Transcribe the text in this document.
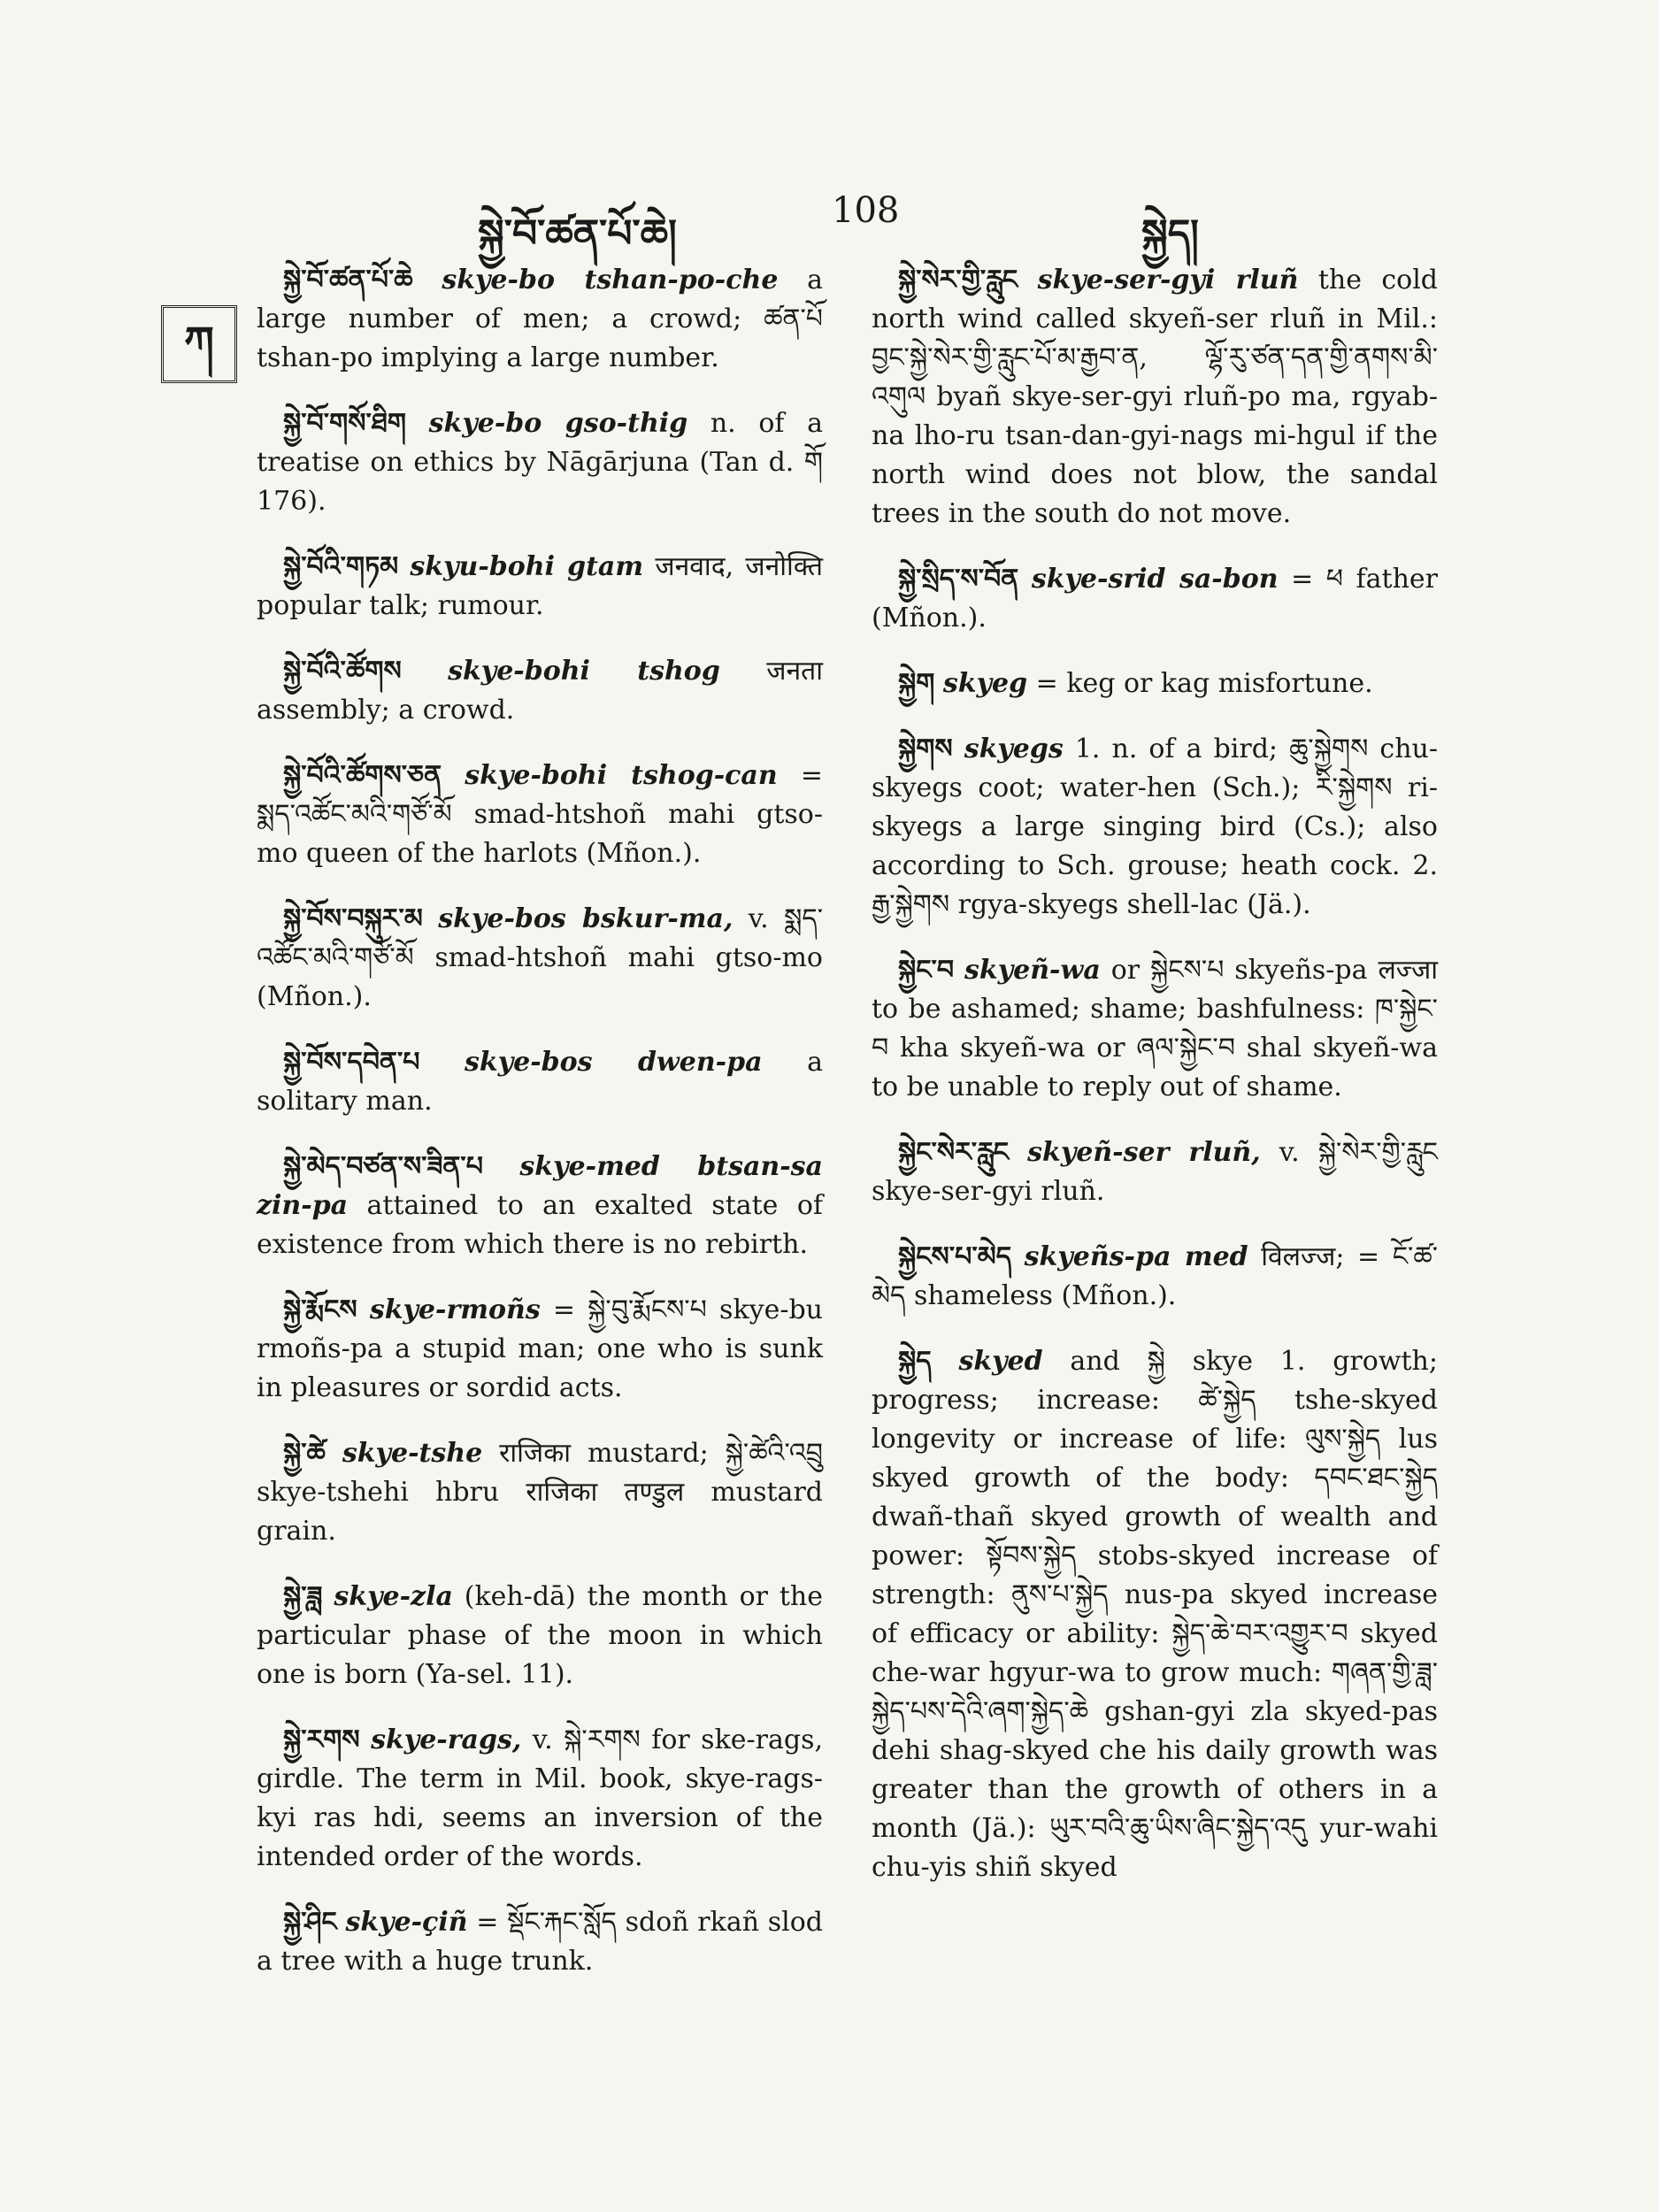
སྐྱེ་བོ་ཚན་པོ་ཆེ།
108
སྐྱེད།
ཀ
སྐྱེ་བོ་ཚན་པོ་ཆེ skye-bo tshan-po-che a large number of men; a crowd; ཚན་པོ tshan-po implying a large number.
སྐྱེ་བོ་གསོ་ཐིག skye-bo gso-thig n. of a treatise on ethics by Nāgārjuna (Tan d. གོ 176).
སྐྱེ་བོའི་གཏམ skyu-bohi gtam जनवाद, जनोक्ति popular talk; rumour.
སྐྱེ་བོའི་ཚོགས skye-bohi tshog जनता assembly; a crowd.
སྐྱེ་བོའི་ཚོགས་ཅན skye-bohi tshog-can = སྨད་འཚོང་མའི་གཙོ་མོ smad-htshoñ mahi gtso-mo queen of the harlots (Mñon.).
སྐྱེ་བོས་བསྐུར་མ skye-bos bskur-ma, v. སྨད་འཚོང་མའི་གཙོ་མོ smad-htshoñ mahi gtso-mo (Mñon.).
སྐྱེ་བོས་དབེན་པ skye-bos dwen-pa a solitary man.
སྐྱེ་མེད་བཙན་ས་ཟིན་པ skye-med btsan-sa zin-pa attained to an exalted state of existence from which there is no rebirth.
སྐྱེ་རྨོངས skye-rmoñs = སྐྱེ་བུ་རྨོངས་པ skye-bu rmoñs-pa a stupid man; one who is sunk in pleasures or sordid acts.
སྐྱེ་ཚེ skye-tshe राजिका mustard; སྐྱེ་ཚེའི་འབྲུ skye-tshehi hbru राजिका तण्डुल mustard grain.
སྐྱེ་ཟླ skye-zla (keh-dā) the month or the particular phase of the moon in which one is born (Ya-sel. 11).
སྐྱེ་རགས skye-rags, v. སྐེ་རགས for ske-rags, girdle. The term in Mil. book, skye-rags-kyi ras hdi, seems an inversion of the intended order of the words.
སྐྱེ་ཤིང skye-çiñ = སྡོང་རྐང་སློད sdoñ rkañ slod a tree with a huge trunk.
སྐྱེ་སེར་གྱི་རླུང skye-ser-gyi rluñ the cold north wind called skyeñ-ser rluñ in Mil.: བྱང་སྐྱེ་སེར་གྱི་རླུང་པོ་མ་རྒྱབ་ན, ལྷོ་རུ་ཙན་དན་གྱི་ནགས་མི་འགུལ byañ skye-ser-gyi rluñ-po ma, rgyab-na lho-ru tsan-dan-gyi-nags mi-hgul if the north wind does not blow, the sandal trees in the south do not move.
སྐྱེ་སྲིད་ས་བོན skye-srid sa-bon = ཕ father (Mñon.).
སྐྱེག skyeg = keg or kag misfortune.
སྐྱེགས skyegs 1. n. of a bird; ཆུ་སྐྱེགས chu-skyegs coot; water-hen (Sch.); རི་སྐྱེགས ri-skyegs a large singing bird (Cs.); also according to Sch. grouse; heath cock. 2. རྒྱ་སྐྱེགས rgya-skyegs shell-lac (Jä.).
སྐྱེང་བ skyeñ-wa or སྐྱེངས་པ skyeñs-pa लज्जा to be ashamed; shame; bashfulness: ཁ་སྐྱེང་བ kha skyeñ-wa or ཞལ་སྐྱེང་བ shal skyeñ-wa to be unable to reply out of shame.
སྐྱེང་སེར་རླུང skyeñ-ser rluñ, v. སྐྱེ་སེར་གྱི་རླུང skye-ser-gyi rluñ.
སྐྱེངས་པ་མེད skyeñs-pa med विलज्ज; = ངོ་ཚ་མེད shameless (Mñon.).
སྐྱེད skyed and སྐྱེ skye 1. growth; progress; increase: ཚེ་སྐྱེད tshe-skyed longevity or increase of life: ལུས་སྐྱེད lus skyed growth of the body: དབང་ཐང་སྐྱེད dwañ-thañ skyed growth of wealth and power: སྟོབས་སྐྱེད stobs-skyed increase of strength: ནུས་པ་སྐྱེད nus-pa skyed increase of efficacy or ability: སྐྱེད་ཆེ་བར་འགྱུར་བ skyed che-war hgyur-wa to grow much: གཞན་གྱི་ཟླ་སྐྱེད་པས་དེའི་ཞག་སྐྱེད་ཆེ gshan-gyi zla skyed-pas dehi shag-skyed che his daily growth was greater than the growth of others in a month (Jä.): ཡུར་བའི་ཆུ་ཡིས་ཞིང་སྐྱེད་འདུ yur-wahi chu-yis shiñ skyed
